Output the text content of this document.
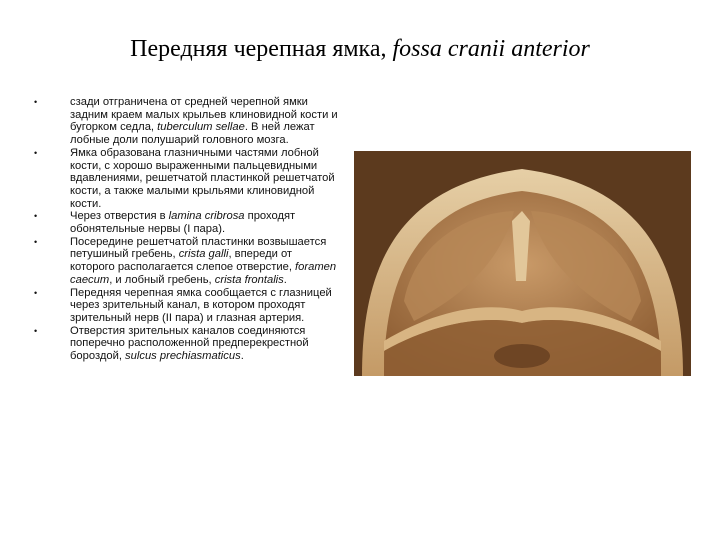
Передняя черепная ямка, fossa cranii anterior
•	сзади отграничена от средней черепной ямки задним краем малых крыльев клиновидной кости и бугорком седла, tuberculum sellae. В ней лежат лобные доли полушарий головного мозга.
•	Ямка образована глазничными частями лобной кости, с хорошо выраженными пальцевидными вдавлениями, решетчатой пластинкой решетчатой кости, а также малыми крыльями клиновидной кости.
•	Через отверстия в lamina cribrosa проходят обонятельные нервы (I пара).
•	Посередине решетчатой пластинки возвышается петушиный гребень, crista galli, впереди от которого располагается слепое отверстие, foramen caecum, и лобный гребень, crista frontalis.
•	Передняя черепная ямка сообщается с глазницей через зрительный канал, в котором проходят зрительный нерв (II пара) и глазная артерия.
•	Отверстия зрительных каналов соединяются поперечно расположенной предперекрестной бороздой, sulcus prechiasmaticus.
